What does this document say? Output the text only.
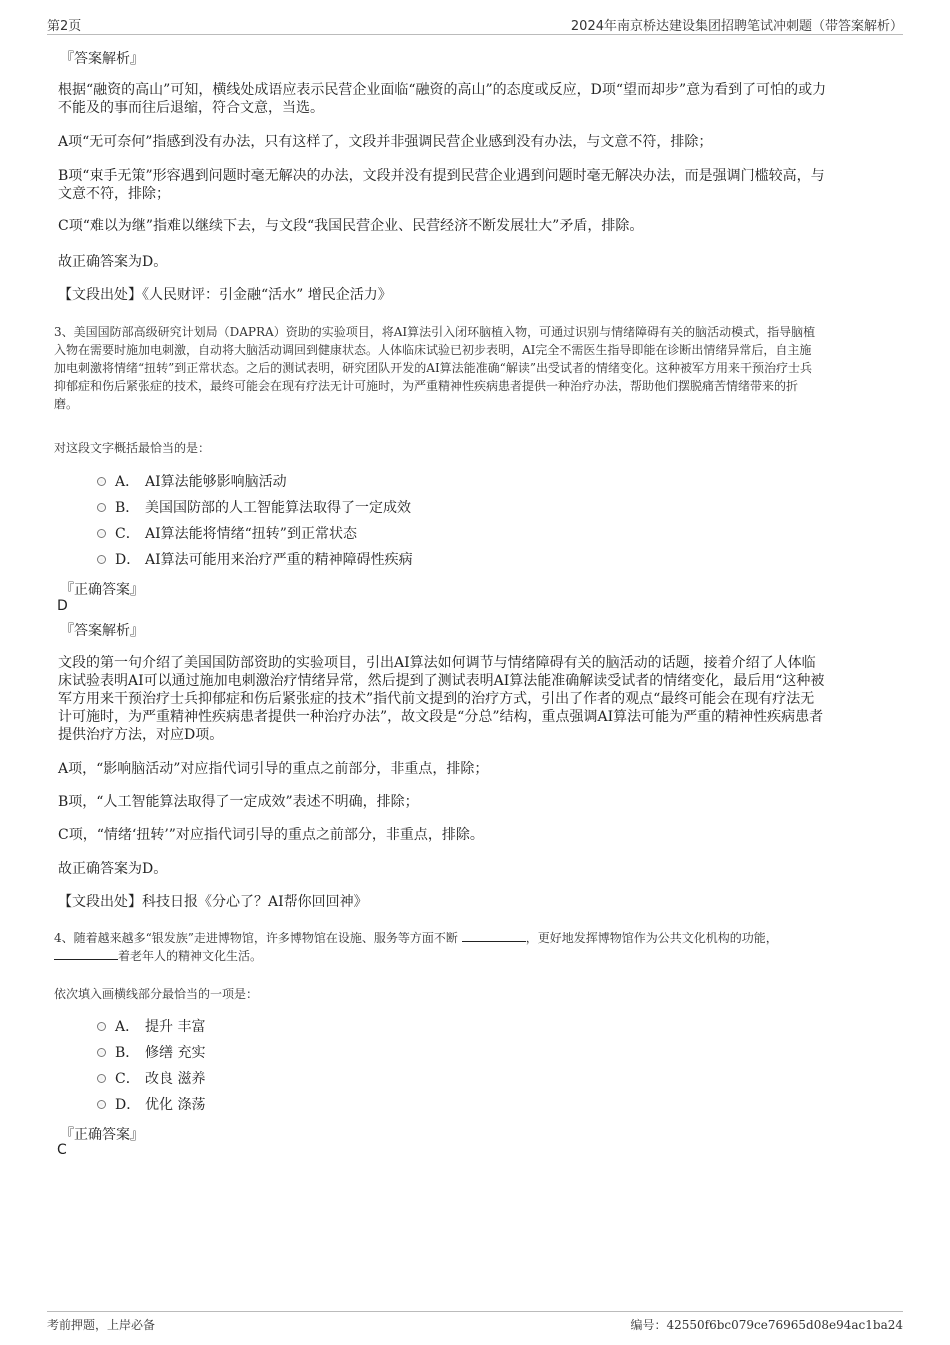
第2页	2024年南京桥达建设集团招聘笔试冲刺题（带答案解析）
『答案解析』
根据“融资的高山”可知，横线处成语应表示民营企业面临“融资的高山”的态度或反应，D项“望而却步”意为看到了可怕的或力
不能及的事而往后退缩，符合文意，当选。
A项“无可奈何”指感到没有办法，只有这样了，文段并非强调民营企业感到没有办法，与文意不符，排除；
B项“束手无策”形容遇到问题时毫无解决的办法，文段并没有提到民营企业遇到问题时毫无解决办法，而是强调门槛较高，与
文意不符，排除；
C项“难以为继”指难以继续下去，与文段“我国民营企业、民营经济不断发展壮大”矛盾，排除。
故正确答案为D。
【文段出处】《人民财评：引金融“活水” 增民企活力》
3、美国国防部高级研究计划局（DAPRA）资助的实验项目，将AI算法引入闭环脑植入物，可通过识别与情绪障碍有关的脑活动模式，指导脑植
入物在需要时施加电刺激，自动将大脑活动调回到健康状态。人体临床试验已初步表明，AI完全不需医生指导即能在诊断出情绪异常后，自主施
加电刺激将情绪“扭转”到正常状态。之后的测试表明，研究团队开发的AI算法能准确“解读”出受试者的情绪变化。这种被军方用来干预治疗士兵
抑郁症和伤后紧张症的技术，最终可能会在现有疗法无计可施时，为严重精神性疾病患者提供一种治疗办法，帮助他们摆脱痛苦情绪带来的折
磨。
对这段文字概括最恰当的是：
A． AI算法能够影响脑活动
B． 美国国防部的人工智能算法取得了一定成效
C． AI算法能将情绪“扭转”到正常状态
D． AI算法可能用来治疗严重的精神障碍性疾病
『正确答案』
D
『答案解析』
文段的第一句介绍了美国国防部资助的实验项目，引出AI算法如何调节与情绪障碍有关的脑活动的话题，接着介绍了人体临
床试验表明AI可以通过施加电刺激治疗情绪异常，然后提到了测试表明AI算法能准确解读受试者的情绪变化，最后用“这种被
军方用来干预治疗士兵抑郁症和伤后紧张症的技术”指代前文提到的治疗方式，引出了作者的观点“最终可能会在现有疗法无
计可施时，为严重精神性疾病患者提供一种治疗办法”，故文段是“分总”结构，重点强调AI算法可能为严重的精神性疾病患者
提供治疗方法，对应D项。
A项，“影响脑活动”对应指代词引导的重点之前部分，非重点，排除；
B项，“人工智能算法取得了一定成效”表述不明确，排除；
C项，“情绪‘扭转’”对应指代词引导的重点之前部分，非重点，排除。
故正确答案为D。
【文段出处】科技日报《分心了？AI帮你回回神》
4、随着越来越多“银发族”走进博物馆，许多博物馆在设施、服务等方面不断	，更好地发挥博物馆作为公共文化机构的功能，
着老年人的精神文化生活。
依次填入画横线部分最恰当的一项是：
A． 提升 丰富
B． 修缮 充实
C． 改良 滋养
D． 优化 涤荡
『正确答案』
C
考前押题，上岸必备	编号：42550f6bc079ce76965d08e94ac1ba24
